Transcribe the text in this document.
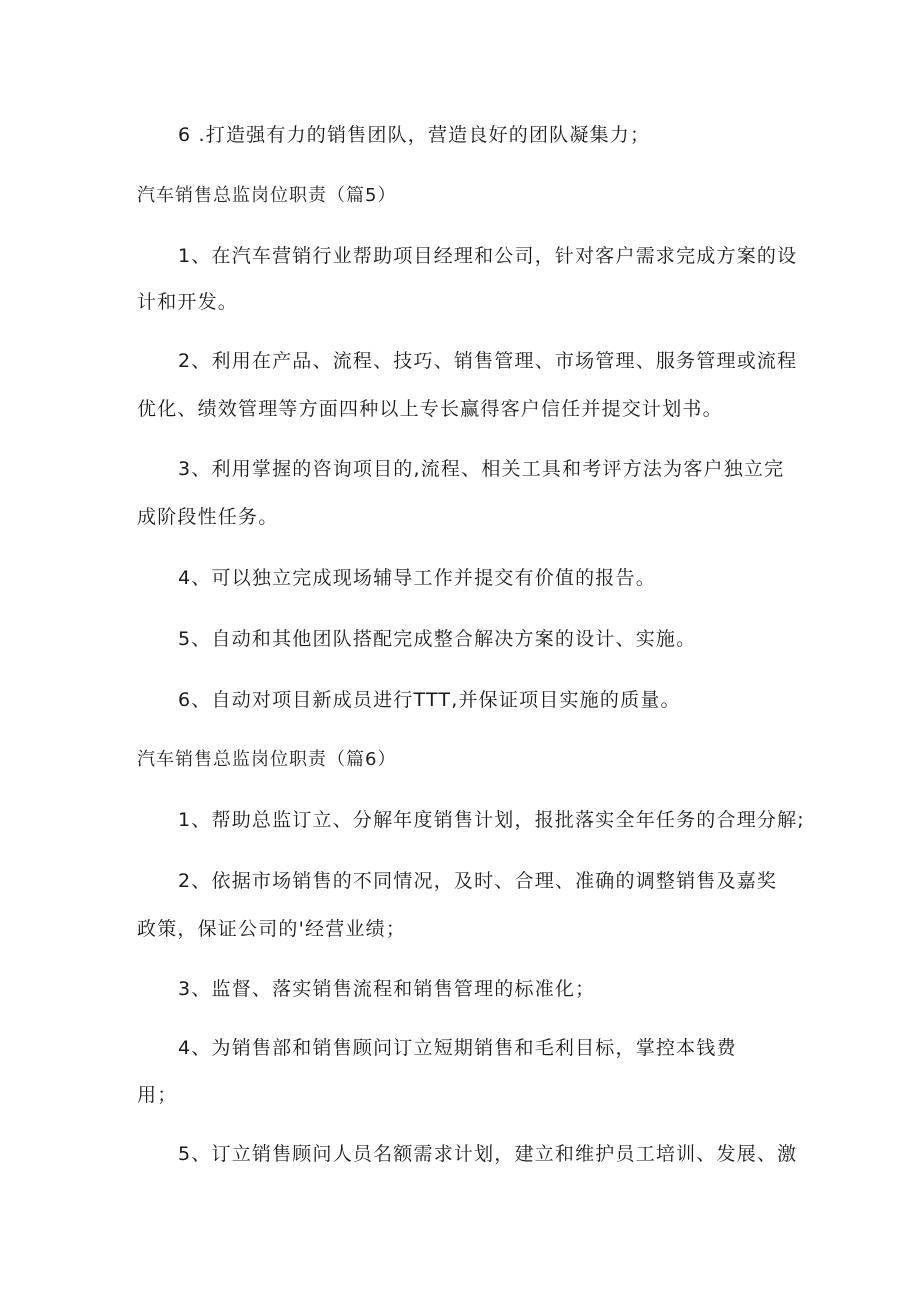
6 .打造强有力的销售团队，营造良好的团队凝集力；
汽车销售总监岗位职责（篇5）
1、在汽车营销行业帮助项目经理和公司，针对客户需求完成方案的设
计和开发。
2、利用在产品、流程、技巧、销售管理、市场管理、服务管理或流程
优化、绩效管理等方面四种以上专长赢得客户信任并提交计划书。
3、利用掌握的咨询项目的,流程、相关工具和考评方法为客户独立完
成阶段性任务。
4、可以独立完成现场辅导工作并提交有价值的报告。
5、自动和其他团队搭配完成整合解决方案的设计、实施。
6、自动对项目新成员进行TTT,并保证项目实施的质量。
汽车销售总监岗位职责（篇6）
1、帮助总监订立、分解年度销售计划，报批落实全年任务的合理分解;
2、依据市场销售的不同情况，及时、合理、准确的调整销售及嘉奖
政策，保证公司的'经营业绩；
3、监督、落实销售流程和销售管理的标准化；
4、为销售部和销售顾问订立短期销售和毛利目标，掌控本钱费
用；
5、订立销售顾问人员名额需求计划，建立和维护员工培训、发展、激
